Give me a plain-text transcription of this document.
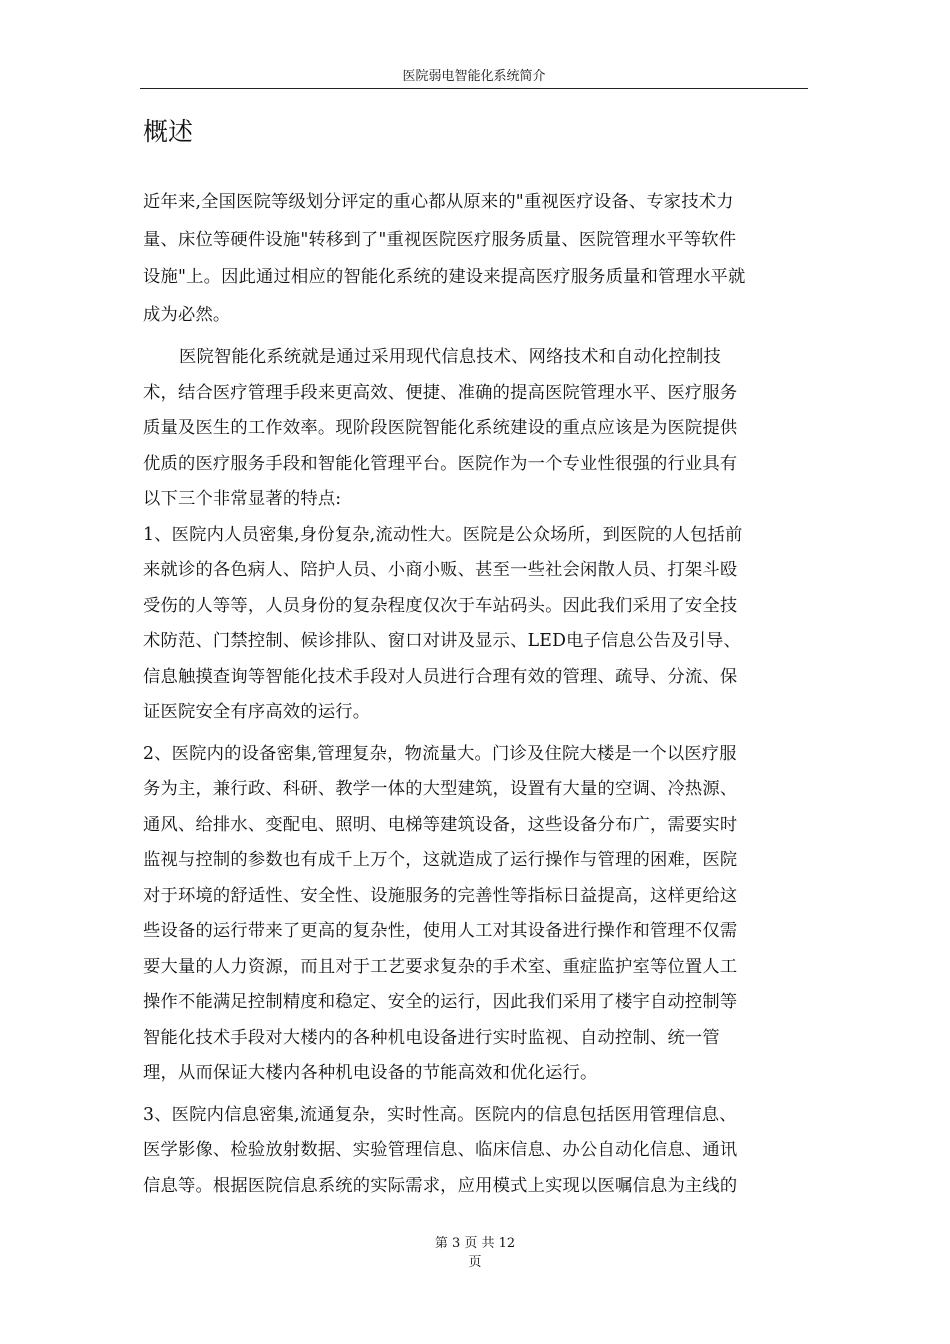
医院弱电智能化系统简介
概述

近年来,全国医院等级划分评定的重心都从原来的"重视医疗设备、专家技术力
量、床位等硬件设施"转移到了"重视医院医疗服务质量、医院管理水平等软件
设施"上。因此通过相应的智能化系统的建设来提高医疗服务质量和管理水平就
成为必然。

医院智能化系统就是通过采用现代信息技术、网络技术和自动化控制技
术，结合医疗管理手段来更高效、便捷、准确的提高医院管理水平、医疗服务
质量及医生的工作效率。现阶段医院智能化系统建设的重点应该是为医院提供
优质的医疗服务手段和智能化管理平台。医院作为一个专业性很强的行业具有
以下三个非常显著的特点:

1、医院内人员密集,身份复杂,流动性大。医院是公众场所，到医院的人包括前
来就诊的各色病人、陪护人员、小商小贩、甚至一些社会闲散人员、打架斗殴
受伤的人等等，人员身份的复杂程度仅次于车站码头。因此我们采用了安全技
术防范、门禁控制、候诊排队、窗口对讲及显示、LED电子信息公告及引导、
信息触摸查询等智能化技术手段对人员进行合理有效的管理、疏导、分流、保
证医院安全有序高效的运行。

2、医院内的设备密集,管理复杂，物流量大。门诊及住院大楼是一个以医疗服
务为主，兼行政、科研、教学一体的大型建筑，设置有大量的空调、冷热源、
通风、给排水、变配电、照明、电梯等建筑设备，这些设备分布广，需要实时
监视与控制的参数也有成千上万个，这就造成了运行操作与管理的困难，医院
对于环境的舒适性、安全性、设施服务的完善性等指标日益提高，这样更给这
些设备的运行带来了更高的复杂性，使用人工对其设备进行操作和管理不仅需
要大量的人力资源，而且对于工艺要求复杂的手术室、重症监护室等位置人工
操作不能满足控制精度和稳定、安全的运行，因此我们采用了楼宇自动控制等
智能化技术手段对大楼内的各种机电设备进行实时监视、自动控制、统一管
理，从而保证大楼内各种机电设备的节能高效和优化运行。

3、医院内信息密集,流通复杂，实时性高。医院内的信息包括医用管理信息、
医学影像、检验放射数据、实验管理信息、临床信息、办公自动化信息、通讯
信息等。根据医院信息系统的实际需求，应用模式上实现以医嘱信息为主线的

第 3 页 共 12
页
